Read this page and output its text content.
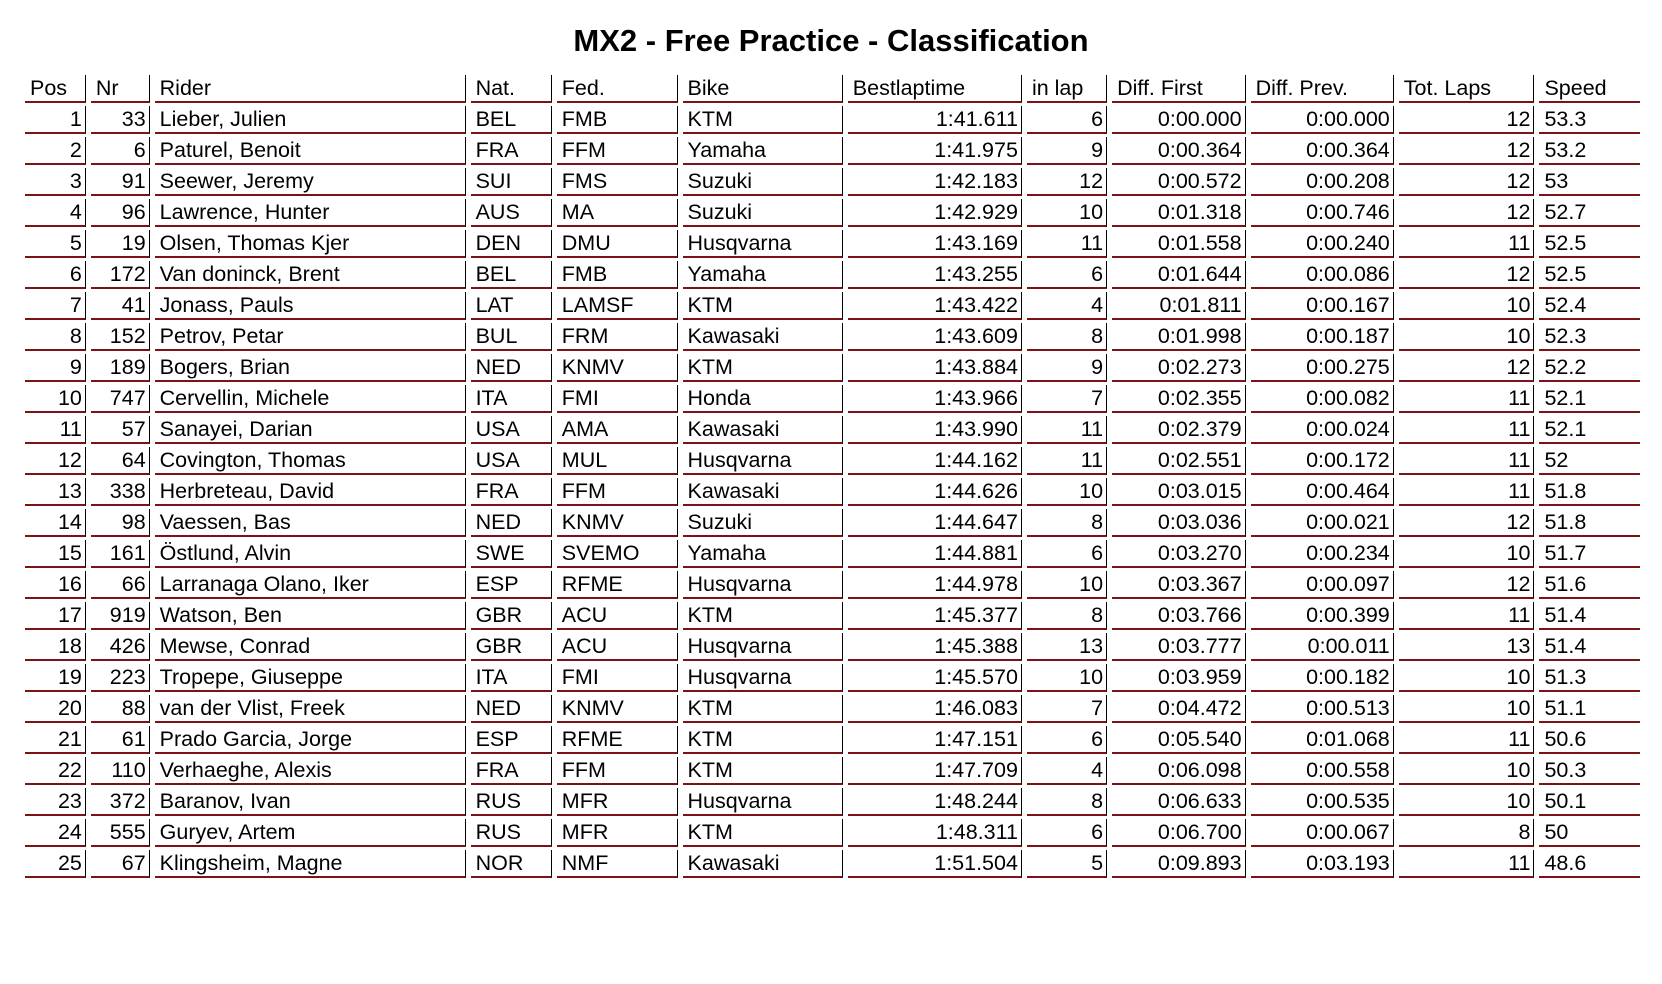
MX2 - Free Practice - Classification
Pos	Nr	Rider	Nat.	Fed.	Bike	Bestlaptime	in lap	Diff. First	Diff. Prev.	Tot. Laps	Speed
1	33	Lieber, Julien	BEL	FMB	KTM	1:41.611	6	0:00.000	0:00.000	12	53.3
2	6	Paturel, Benoit	FRA	FFM	Yamaha	1:41.975	9	0:00.364	0:00.364	12	53.2
3	91	Seewer, Jeremy	SUI	FMS	Suzuki	1:42.183	12	0:00.572	0:00.208	12	53
4	96	Lawrence, Hunter	AUS	MA	Suzuki	1:42.929	10	0:01.318	0:00.746	12	52.7
5	19	Olsen, Thomas Kjer	DEN	DMU	Husqvarna	1:43.169	11	0:01.558	0:00.240	11	52.5
6	172	Van doninck, Brent	BEL	FMB	Yamaha	1:43.255	6	0:01.644	0:00.086	12	52.5
7	41	Jonass, Pauls	LAT	LAMSF	KTM	1:43.422	4	0:01.811	0:00.167	10	52.4
8	152	Petrov, Petar	BUL	FRM	Kawasaki	1:43.609	8	0:01.998	0:00.187	10	52.3
9	189	Bogers, Brian	NED	KNMV	KTM	1:43.884	9	0:02.273	0:00.275	12	52.2
10	747	Cervellin, Michele	ITA	FMI	Honda	1:43.966	7	0:02.355	0:00.082	11	52.1
11	57	Sanayei, Darian	USA	AMA	Kawasaki	1:43.990	11	0:02.379	0:00.024	11	52.1
12	64	Covington, Thomas	USA	MUL	Husqvarna	1:44.162	11	0:02.551	0:00.172	11	52
13	338	Herbreteau, David	FRA	FFM	Kawasaki	1:44.626	10	0:03.015	0:00.464	11	51.8
14	98	Vaessen, Bas	NED	KNMV	Suzuki	1:44.647	8	0:03.036	0:00.021	12	51.8
15	161	Östlund, Alvin	SWE	SVEMO	Yamaha	1:44.881	6	0:03.270	0:00.234	10	51.7
16	66	Larranaga Olano, Iker	ESP	RFME	Husqvarna	1:44.978	10	0:03.367	0:00.097	12	51.6
17	919	Watson, Ben	GBR	ACU	KTM	1:45.377	8	0:03.766	0:00.399	11	51.4
18	426	Mewse, Conrad	GBR	ACU	Husqvarna	1:45.388	13	0:03.777	0:00.011	13	51.4
19	223	Tropepe, Giuseppe	ITA	FMI	Husqvarna	1:45.570	10	0:03.959	0:00.182	10	51.3
20	88	van der Vlist, Freek	NED	KNMV	KTM	1:46.083	7	0:04.472	0:00.513	10	51.1
21	61	Prado Garcia, Jorge	ESP	RFME	KTM	1:47.151	6	0:05.540	0:01.068	11	50.6
22	110	Verhaeghe, Alexis	FRA	FFM	KTM	1:47.709	4	0:06.098	0:00.558	10	50.3
23	372	Baranov, Ivan	RUS	MFR	Husqvarna	1:48.244	8	0:06.633	0:00.535	10	50.1
24	555	Guryev, Artem	RUS	MFR	KTM	1:48.311	6	0:06.700	0:00.067	8	50
25	67	Klingsheim, Magne	NOR	NMF	Kawasaki	1:51.504	5	0:09.893	0:03.193	11	48.6
